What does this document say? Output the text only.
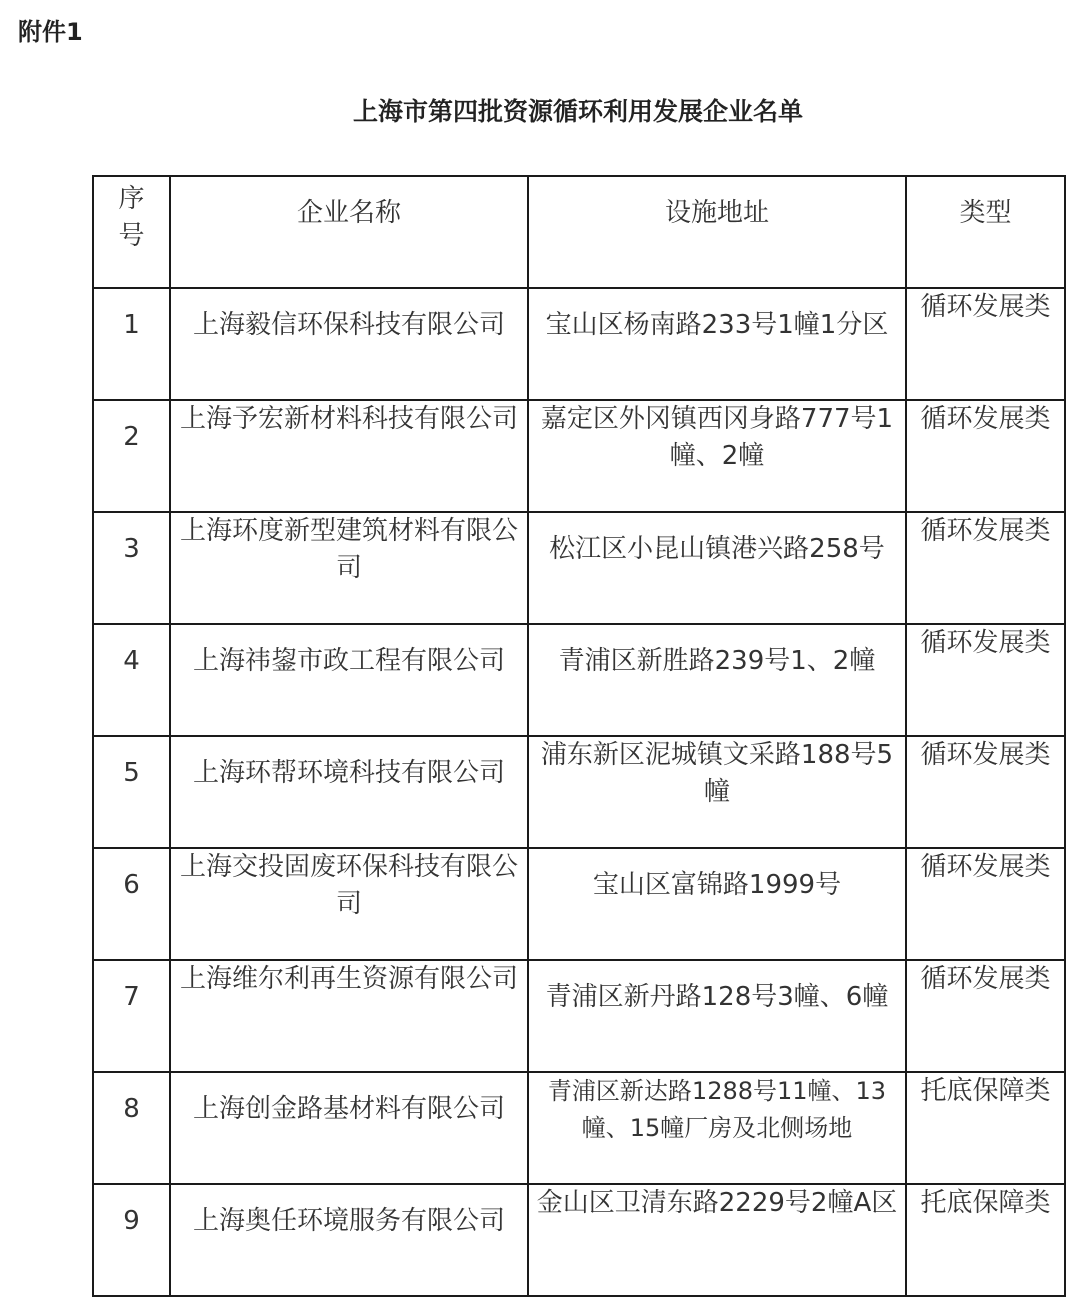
附件1
上海市第四批资源循环利用发展企业名单
序号	企业名称	设施地址	类型
1	上海毅信环保科技有限公司	宝山区杨南路233号1幢1分区	循环发展类
2	上海予宏新材料科技有限公司	嘉定区外冈镇西冈身路777号1幢、2幢	循环发展类
3	上海环度新型建筑材料有限公司	松江区小昆山镇港兴路258号	循环发展类
4	上海祎鋆市政工程有限公司	青浦区新胜路239号1、2幢	循环发展类
5	上海环帮环境科技有限公司	浦东新区泥城镇文采路188号5幢	循环发展类
6	上海交投固废环保科技有限公司	宝山区富锦路1999号	循环发展类
7	上海维尔利再生资源有限公司	青浦区新丹路128号3幢、6幢	循环发展类
8	上海创金路基材料有限公司	青浦区新达路1288号11幢、13幢、15幢厂房及北侧场地	托底保障类
9	上海奥任环境服务有限公司	金山区卫清东路2229号2幢A区	托底保障类
